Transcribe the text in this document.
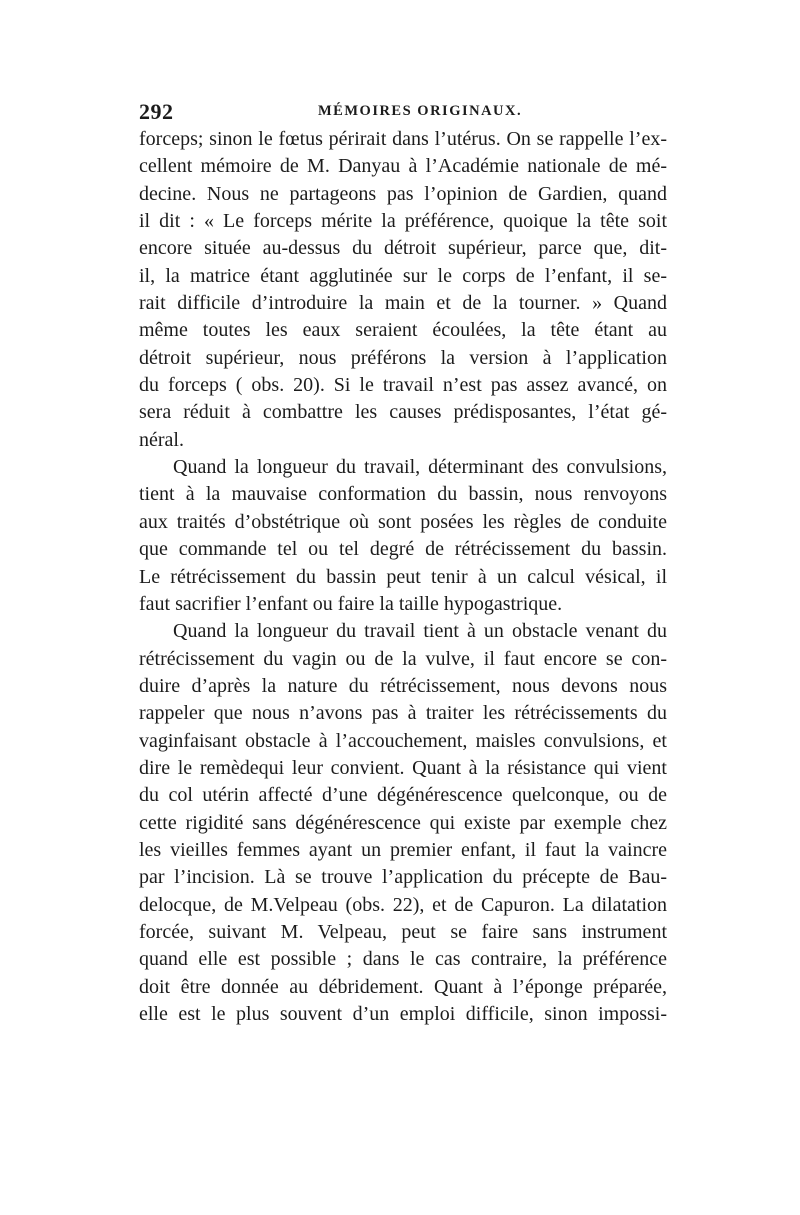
292	MÉMOIRES ORIGINAUX.
forceps; sinon le fœtus périrait dans l’utérus. On se rappelle l’ex-
cellent mémoire de M. Danyau à l’Académie nationale de mé-
decine. Nous ne partageons pas l’opinion de Gardien, quand
il dit : « Le forceps mérite la préférence, quoique la tête soit
encore située au-dessus du détroit supérieur, parce que, dit-
il, la matrice étant agglutinée sur le corps de l’enfant, il se-
rait difficile d’introduire la main et de la tourner. » Quand
même toutes les eaux seraient écoulées, la tête étant au
détroit supérieur, nous préférons la version à l’application
du forceps ( obs. 20). Si le travail n’est pas assez avancé, on
sera réduit à combattre les causes prédisposantes, l’état gé-
néral.
Quand la longueur du travail, déterminant des convulsions,
tient à la mauvaise conformation du bassin, nous renvoyons
aux traités d’obstétrique où sont posées les règles de conduite
que commande tel ou tel degré de rétrécissement du bassin.
Le rétrécissement du bassin peut tenir à un calcul vésical, il
faut sacrifier l’enfant ou faire la taille hypogastrique.
Quand la longueur du travail tient à un obstacle venant du
rétrécissement du vagin ou de la vulve, il faut encore se con-
duire d’après la nature du rétrécissement, nous devons nous
rappeler que nous n’avons pas à traiter les rétrécissements du
vaginfaisant obstacle à l’accouchement, maisles convulsions, et
dire le remèdequi leur convient. Quant à la résistance qui vient
du col utérin affecté d’une dégénérescence quelconque, ou de
cette rigidité sans dégénérescence qui existe par exemple chez
les vieilles femmes ayant un premier enfant, il faut la vaincre
par l’incision. Là se trouve l’application du précepte de Bau-
delocque, de M.Velpeau (obs. 22), et de Capuron. La dilatation
forcée, suivant M. Velpeau, peut se faire sans instrument
quand elle est possible ; dans le cas contraire, la préférence
doit être donnée au débridement. Quant à l’éponge préparée,
elle est le plus souvent d’un emploi difficile, sinon impossi-
